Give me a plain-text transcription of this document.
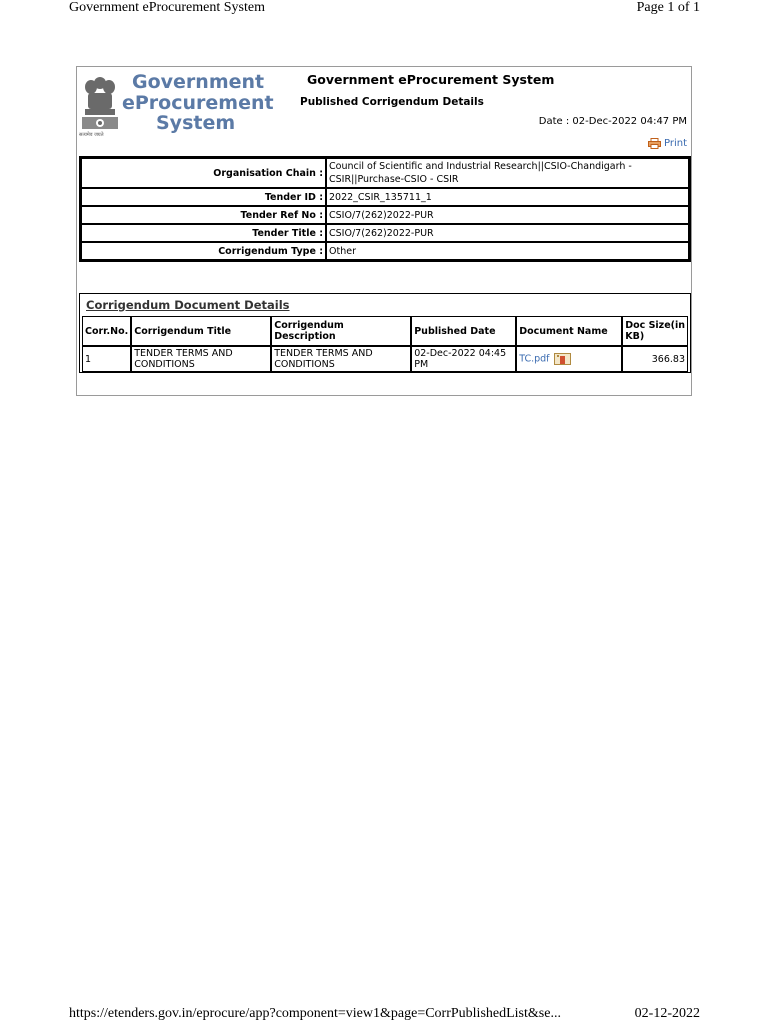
Government eProcurement System	Page 1 of 1
सत्यमेव जयते
Government
eProcurement
System
Government eProcurement System
Published Corrigendum Details
Date : 02-Dec-2022 04:47 PM
Print
Organisation Chain :	Council of Scientific and Industrial Research||CSIO-Chandigarh - CSIR||Purchase-CSIO - CSIR
Tender ID :	2022_CSIR_135711_1
Tender Ref No :	CSIO/7(262)2022-PUR
Tender Title :	CSIO/7(262)2022-PUR
Corrigendum Type :	Other
Corrigendum Document Details
Corr.No.	Corrigendum Title	Corrigendum Description	Published Date	Document Name	Doc Size(in KB)
1	TENDER TERMS AND CONDITIONS	TENDER TERMS AND CONDITIONS	02-Dec-2022 04:45 PM	TC.pdf	366.83
https://etenders.gov.in/eprocure/app?component=view1&page=CorrPublishedList&se...	02-12-2022
